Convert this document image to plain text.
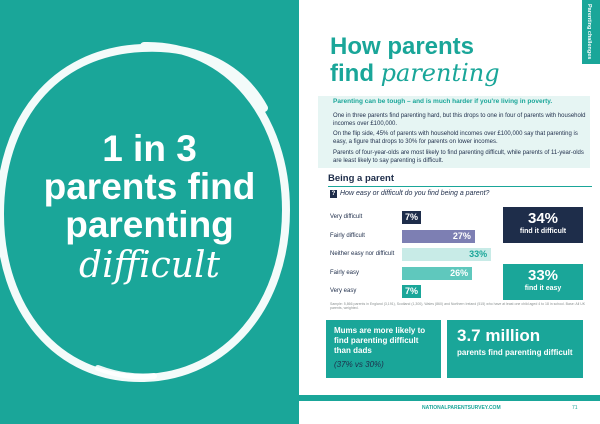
1 in 3
parents find
parenting
difficult
Parenting challenges
How parents
find parenting
Parenting can be tough – and is much harder if you're living in poverty.

One in three parents find parenting hard, but this drops to one in four of parents with household incomes over £100,000.

On the flip side, 45% of parents with household incomes over £100,000 say that parenting is easy, a figure that drops to 30% for parents on lower incomes.

Parents of four-year-olds are most likely to find parenting difficult, while parents of 11-year-olds are least likely to say parenting is difficult.

Being a parent
? How easy or difficult do you find being a parent?
Very difficult	7%
Fairly difficult	27%
Neither easy nor difficult	33%
Fairly easy	26%
Very easy	7%
34%
find it difficult
33%
find it easy

Sample: 5,866 parents in England (3,191), Scotland (1,300), Wales (860) and Northern Ireland (515) who have at least one child aged 4 to 18 in school. Base: All UK parents, weighted.

Mums are more likely to find parenting difficult than dads
(37% vs 30%)
3.7 million
parents find parenting difficult
NATIONALPARENTSURVEY.COM	71
